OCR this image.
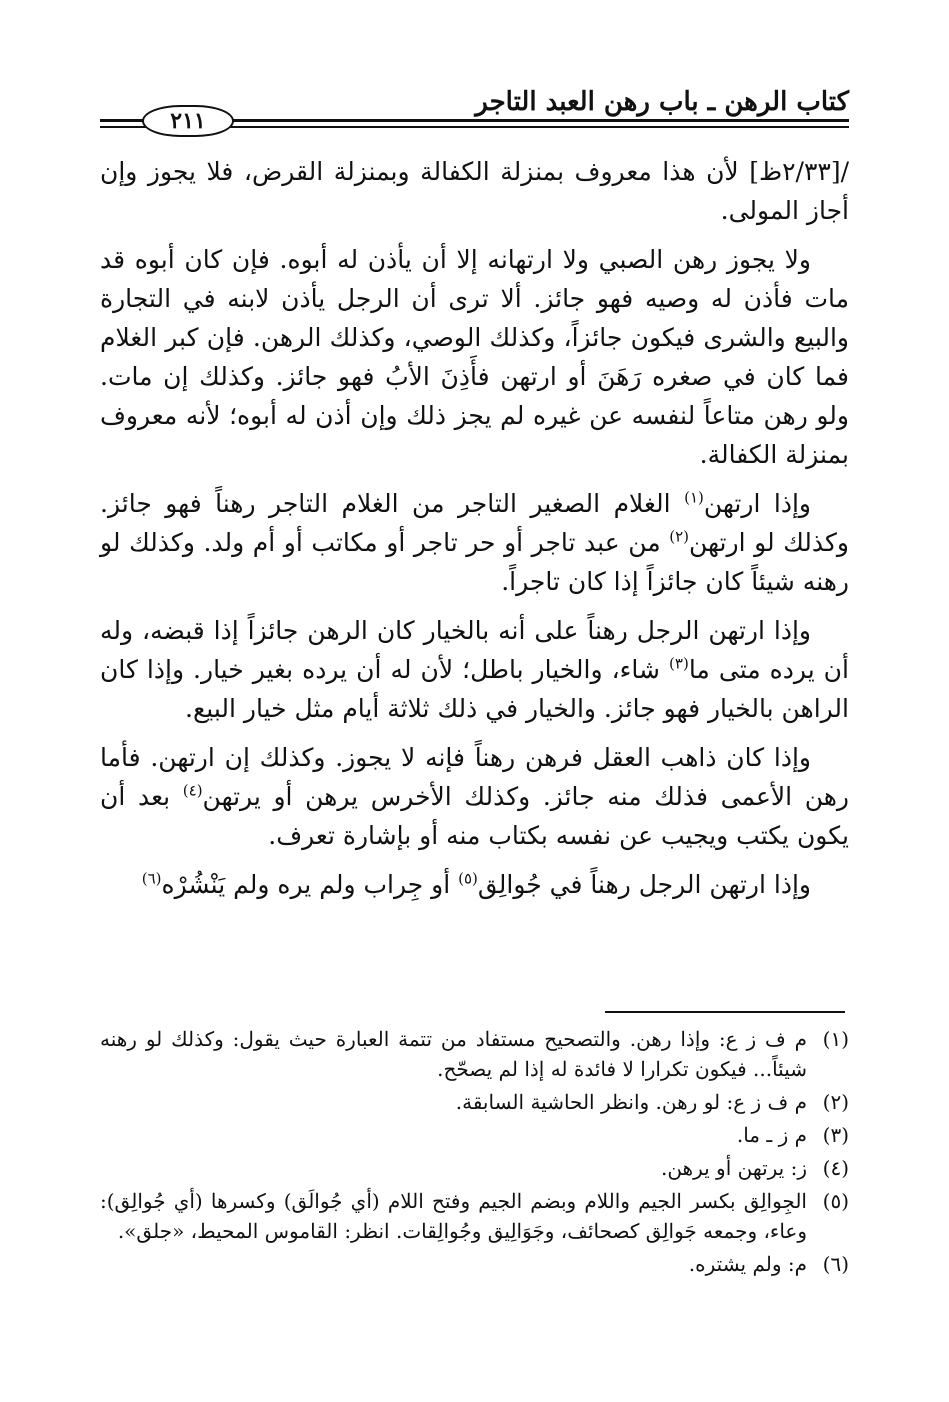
كتاب الرهن ـ باب رهن العبد التاجر
٢١١

/[٢/٣٣ظ] لأن هذا معروف بمنزلة الكفالة وبمنزلة القرض، فلا يجوز وإن أجاز المولى.

ولا يجوز رهن الصبي ولا ارتهانه إلا أن يأذن له أبوه. فإن كان أبوه قد مات فأذن له وصيه فهو جائز. ألا ترى أن الرجل يأذن لابنه في التجارة والبيع والشرى فيكون جائزاً، وكذلك الوصي، وكذلك الرهن. فإن كبر الغلام فما كان في صغره رَهَنَ أو ارتهن فأَذِنَ الأبُ فهو جائز. وكذلك إن مات. ولو رهن متاعاً لنفسه عن غيره لم يجز ذلك وإن أذن له أبوه؛ لأنه معروف بمنزلة الكفالة.

وإذا ارتهن$^{(١)}$ الغلام الصغير التاجر من الغلام التاجر رهناً فهو جائز. وكذلك لو ارتهن$^{(٢)}$ من عبد تاجر أو حر تاجر أو مكاتب أو أم ولد. وكذلك لو رهنه شيئاً كان جائزاً إذا كان تاجراً.

وإذا ارتهن الرجل رهناً على أنه بالخيار كان الرهن جائزاً إذا قبضه، وله أن يرده متى ما$^{(٣)}$ شاء، والخيار باطل؛ لأن له أن يرده بغير خيار. وإذا كان الراهن بالخيار فهو جائز. والخيار في ذلك ثلاثة أيام مثل خيار البيع.

وإذا كان ذاهب العقل فرهن رهناً فإنه لا يجوز. وكذلك إن ارتهن. فأما رهن الأعمى فذلك منه جائز. وكذلك الأخرس يرهن أو يرتهن$^{(٤)}$ بعد أن يكون يكتب ويجيب عن نفسه بكتاب منه أو بإشارة تعرف.

وإذا ارتهن الرجل رهناً في جُوالِق$^{(٥)}$ أو جِراب ولم يره ولم يَنْشُرْه$^{(٦)}$

(١)
م ف ز ع: وإذا رهن. والتصحيح مستفاد من تتمة العبارة حيث يقول: وكذلك لو رهنه شيئاً... فيكون تكرارا لا فائدة له إذا لم يصحّح.
(٢)
م ف ز ع: لو رهن. وانظر الحاشية السابقة.
(٣)
م ز ـ ما.
(٤)
ز: يرتهن أو يرهن.
(٥)
الجِوالِق بكسر الجيم واللام وبضم الجيم وفتح اللام (أي جُوالَق) وكسرها (أي جُوالِق): وعاء، وجمعه جَوالِق كصحائف، وجَوَالِيق وجُوالِقات. انظر: القاموس المحيط، «جلق».
(٦)
م: ولم يشتره.
